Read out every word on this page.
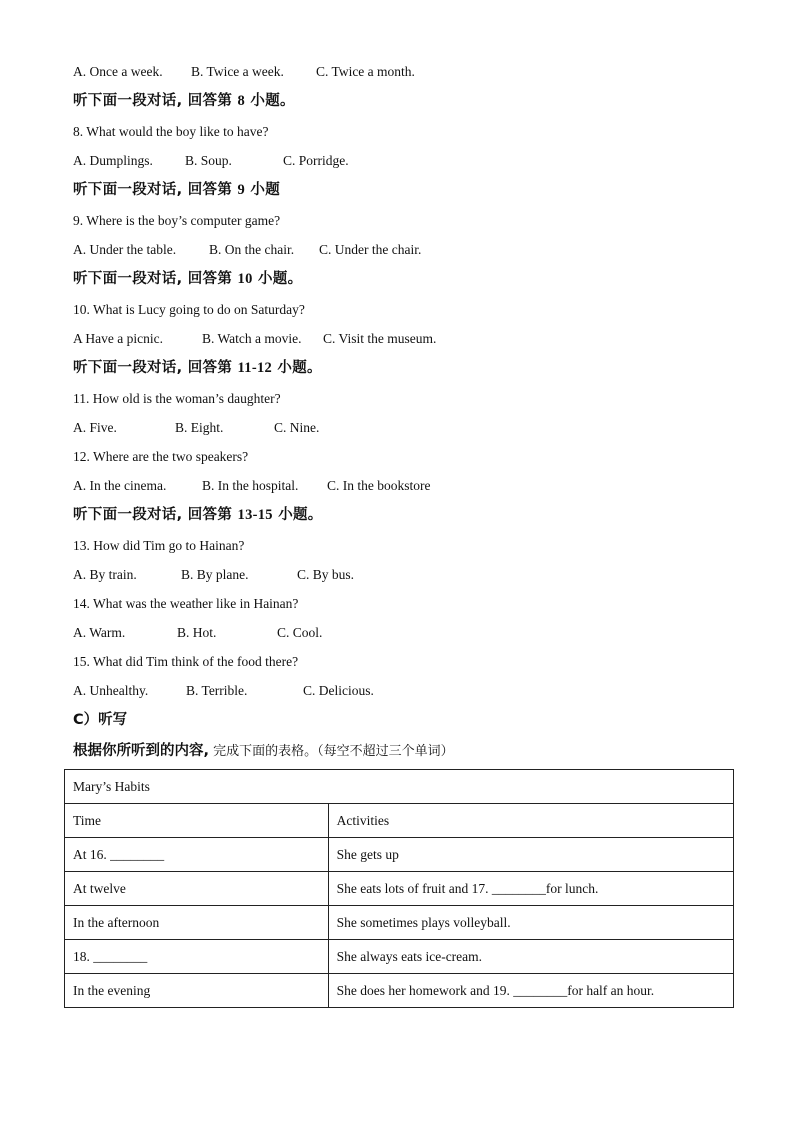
A. Once a week. B. Twice a week. C. Twice a month.
听下面一段对话, 回答第 8 小题。
8. What would the boy like to have?
A. Dumplings. B. Soup.	C. Porridge.
听下面一段对话, 回答第 9 小题
9. Where is the boy’s computer game?
A. Under the table. B. On the chair. C. Under the chair.
听下面一段对话, 回答第 10 小题。
10. What is Lucy going to do on Saturday?
A Have a picnic.	B. Watch a movie. C. Visit the museum.
听下面一段对话, 回答第 11-12 小题。
11. How old is the woman’s daughter?
A. Five.	B. Eight.	C. Nine.
12. Where are the two speakers?
A. In the cinema.	B. In the hospital. C. In the bookstore
听下面一段对话, 回答第 13-15 小题。
13. How did Tim go to Hainan?
A. By train.	B. By plane.	C. By bus.
14. What was the weather like in Hainan?
A. Warm.	B. Hot.	C. Cool.
15. What did Tim think of the food there?
A. Unhealthy.	B. Terrible.	C. Delicious.
C）听写
根据你所听到的内容, 完成下面的表格。（每空不超过三个单词）
Mary’s Habits	
Time	Activities
At 16. ________	She gets up
At twelve	She eats lots of fruit and 17. ________for lunch.
In the afternoon	She sometimes plays volleyball.
18. ________	She always eats ice-cream.
In the evening	She does her homework and 19. ________for half an hour.
